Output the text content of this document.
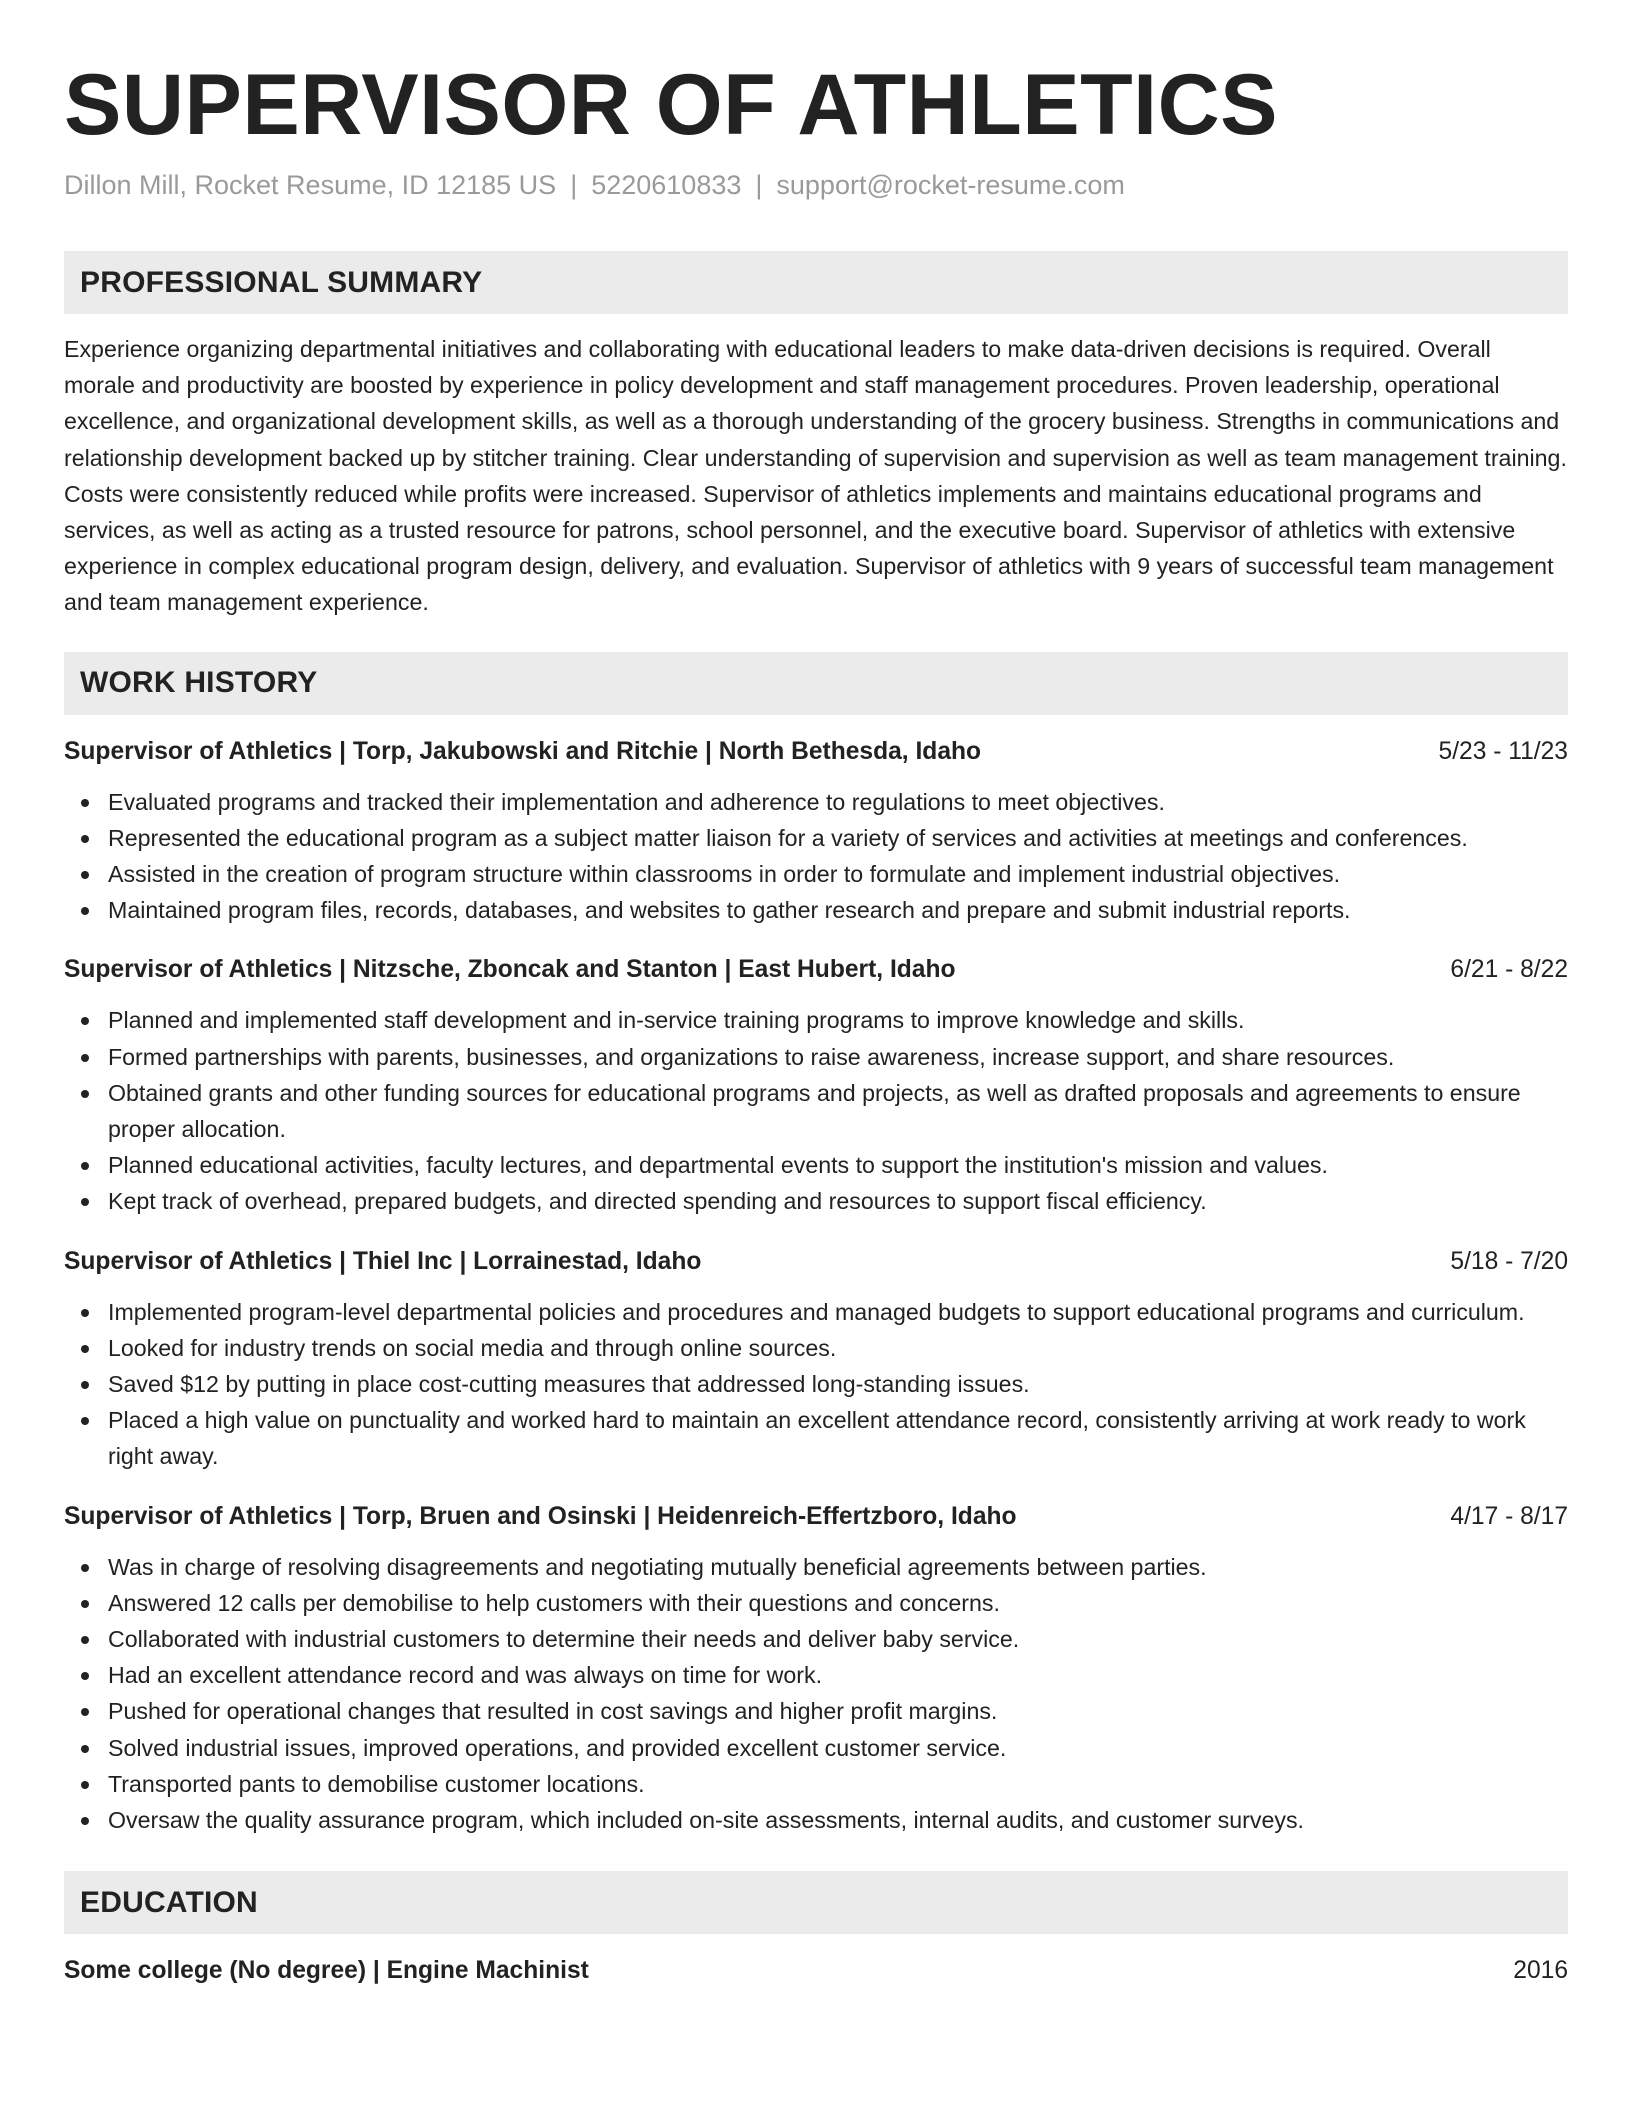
SUPERVISOR OF ATHLETICS
Dillon Mill, Rocket Resume, ID 12185 US | 5220610833 | support@rocket-resume.com
PROFESSIONAL SUMMARY
Experience organizing departmental initiatives and collaborating with educational leaders to make data-driven decisions is required. Overall morale and productivity are boosted by experience in policy development and staff management procedures. Proven leadership, operational excellence, and organizational development skills, as well as a thorough understanding of the grocery business. Strengths in communications and relationship development backed up by stitcher training. Clear understanding of supervision and supervision as well as team management training. Costs were consistently reduced while profits were increased. Supervisor of athletics implements and maintains educational programs and services, as well as acting as a trusted resource for patrons, school personnel, and the executive board. Supervisor of athletics with extensive experience in complex educational program design, delivery, and evaluation. Supervisor of athletics with 9 years of successful team management and team management experience.
WORK HISTORY
Supervisor of Athletics | Torp, Jakubowski and Ritchie | North Bethesda, Idaho	5/23 - 11/23
Evaluated programs and tracked their implementation and adherence to regulations to meet objectives.
Represented the educational program as a subject matter liaison for a variety of services and activities at meetings and conferences.
Assisted in the creation of program structure within classrooms in order to formulate and implement industrial objectives.
Maintained program files, records, databases, and websites to gather research and prepare and submit industrial reports.
Supervisor of Athletics | Nitzsche, Zboncak and Stanton | East Hubert, Idaho	6/21 - 8/22
Planned and implemented staff development and in-service training programs to improve knowledge and skills.
Formed partnerships with parents, businesses, and organizations to raise awareness, increase support, and share resources.
Obtained grants and other funding sources for educational programs and projects, as well as drafted proposals and agreements to ensure proper allocation.
Planned educational activities, faculty lectures, and departmental events to support the institution's mission and values.
Kept track of overhead, prepared budgets, and directed spending and resources to support fiscal efficiency.
Supervisor of Athletics | Thiel Inc | Lorrainestad, Idaho	5/18 - 7/20
Implemented program-level departmental policies and procedures and managed budgets to support educational programs and curriculum.
Looked for industry trends on social media and through online sources.
Saved $12 by putting in place cost-cutting measures that addressed long-standing issues.
Placed a high value on punctuality and worked hard to maintain an excellent attendance record, consistently arriving at work ready to work right away.
Supervisor of Athletics | Torp, Bruen and Osinski | Heidenreich-Effertzboro, Idaho	4/17 - 8/17
Was in charge of resolving disagreements and negotiating mutually beneficial agreements between parties.
Answered 12 calls per demobilise to help customers with their questions and concerns.
Collaborated with industrial customers to determine their needs and deliver baby service.
Had an excellent attendance record and was always on time for work.
Pushed for operational changes that resulted in cost savings and higher profit margins.
Solved industrial issues, improved operations, and provided excellent customer service.
Transported pants to demobilise customer locations.
Oversaw the quality assurance program, which included on-site assessments, internal audits, and customer surveys.
EDUCATION
Some college (No degree) | Engine Machinist	2016
